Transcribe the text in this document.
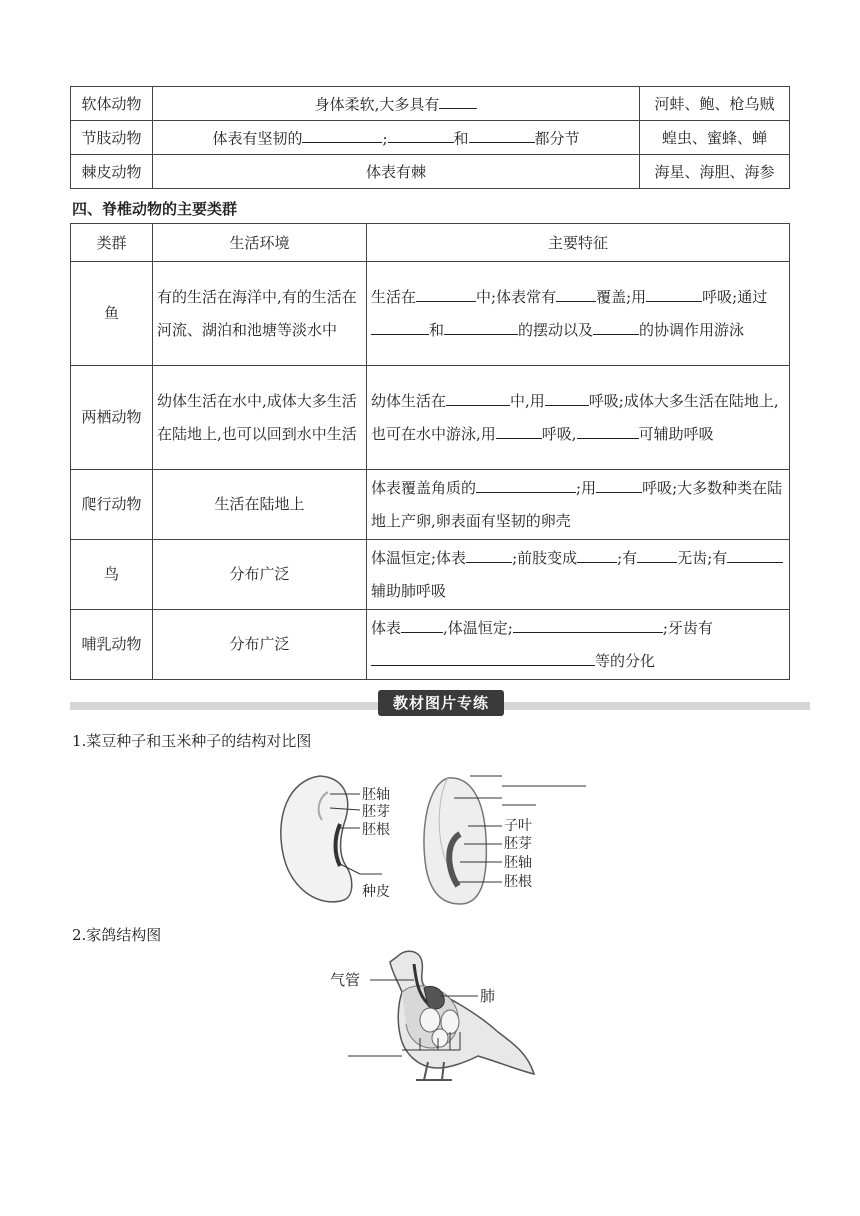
软体动物	身体柔软,大多具有	河蚌、鲍、枪乌贼
节肢动物	体表有坚韧的 ; 和 都分节	蝗虫、蜜蜂、蝉
棘皮动物	体表有棘	海星、海胆、海参
四、脊椎动物的主要类群
类群	生活环境	主要特征
鱼	有的生活在海洋中,有的生活在河流、湖泊和池塘等淡水中	生活在 中;体表常有 覆盖;用 呼吸;通过和 的摆动以及 的协调作用游泳
两栖动物	幼体生活在水中,成体大多生活在陆地上,也可以回到水中生活	幼体生活在 中,用 呼吸;成体大多生活在陆地上,也可在水中游泳,用 呼吸, 可辅助呼吸
爬行动物	生活在陆地上	体表覆盖角质的 ;用 呼吸;大多数种类在陆地上产卵,卵表面有坚韧的卵壳
鸟	分布广泛	体温恒定;体表 ;前肢变成 ;有 无齿;有辅助肺呼吸
哺乳动物	分布广泛	体表 ,体温恒定; ;牙齿有等的分化
教材图片专练
1.菜豆种子和玉米种子的结构对比图
胚轴
胚芽
胚根
种皮
子叶
胚芽
胚轴
胚根
2.家鸽结构图
气管
肺
